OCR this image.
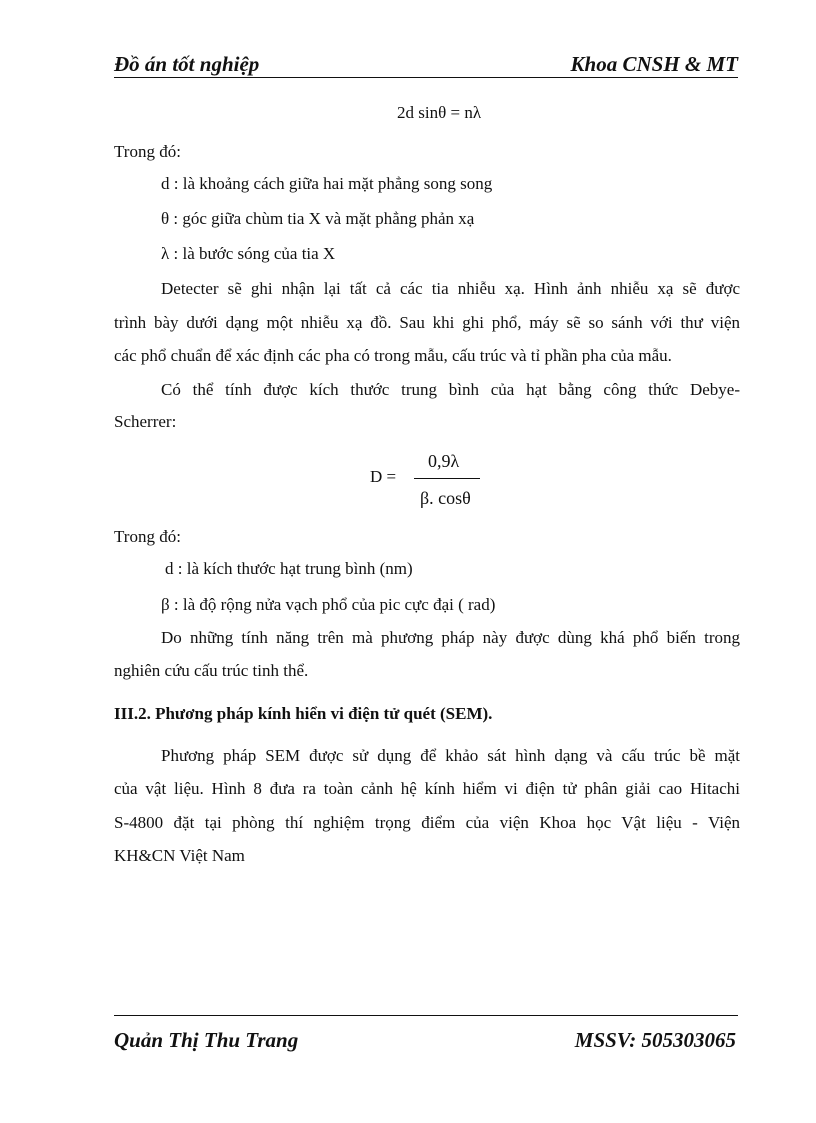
Đồ án tốt nghiệp	Khoa CNSH & MT
2d sinθ = nλ
Trong đó:
d : là khoảng cách giữa hai mặt phẳng song song
θ : góc giữa chùm tia X và mặt phẳng phản xạ
λ : là bước sóng của tia X
Detecter sẽ ghi nhận lại tất cả các tia nhiễu xạ. Hình ảnh nhiễu xạ sẽ được
trình bày dưới dạng một nhiễu xạ đồ. Sau khi ghi phổ, máy sẽ so sánh với thư viện
các phổ chuẩn để xác định các pha có trong mẫu, cấu trúc và tỉ phần pha của mẫu.
Có thể tính được kích thước trung bình của hạt bằng công thức Debye-
Scherrer:
D =
0,9λ
β. cosθ
Trong đó:
d : là kích thước hạt trung bình (nm)
β : là độ rộng nửa vạch phổ của pic cực đại ( rad)
Do những tính năng trên mà phương pháp này được dùng khá phổ biến trong
nghiên cứu cấu trúc tinh thể.
III.2. Phương pháp kính hiển vi điện tử quét (SEM).
Phương pháp SEM được sử dụng để khảo sát hình dạng và cấu trúc bề mặt
của vật liệu. Hình 8 đưa ra toàn cảnh hệ kính hiểm vi điện tử phân giải cao Hitachi
S-4800 đặt tại phòng thí nghiệm trọng điểm của viện Khoa học Vật liệu - Viện
KH&CN Việt Nam
Quản Thị Thu Trang	MSSV: 505303065
